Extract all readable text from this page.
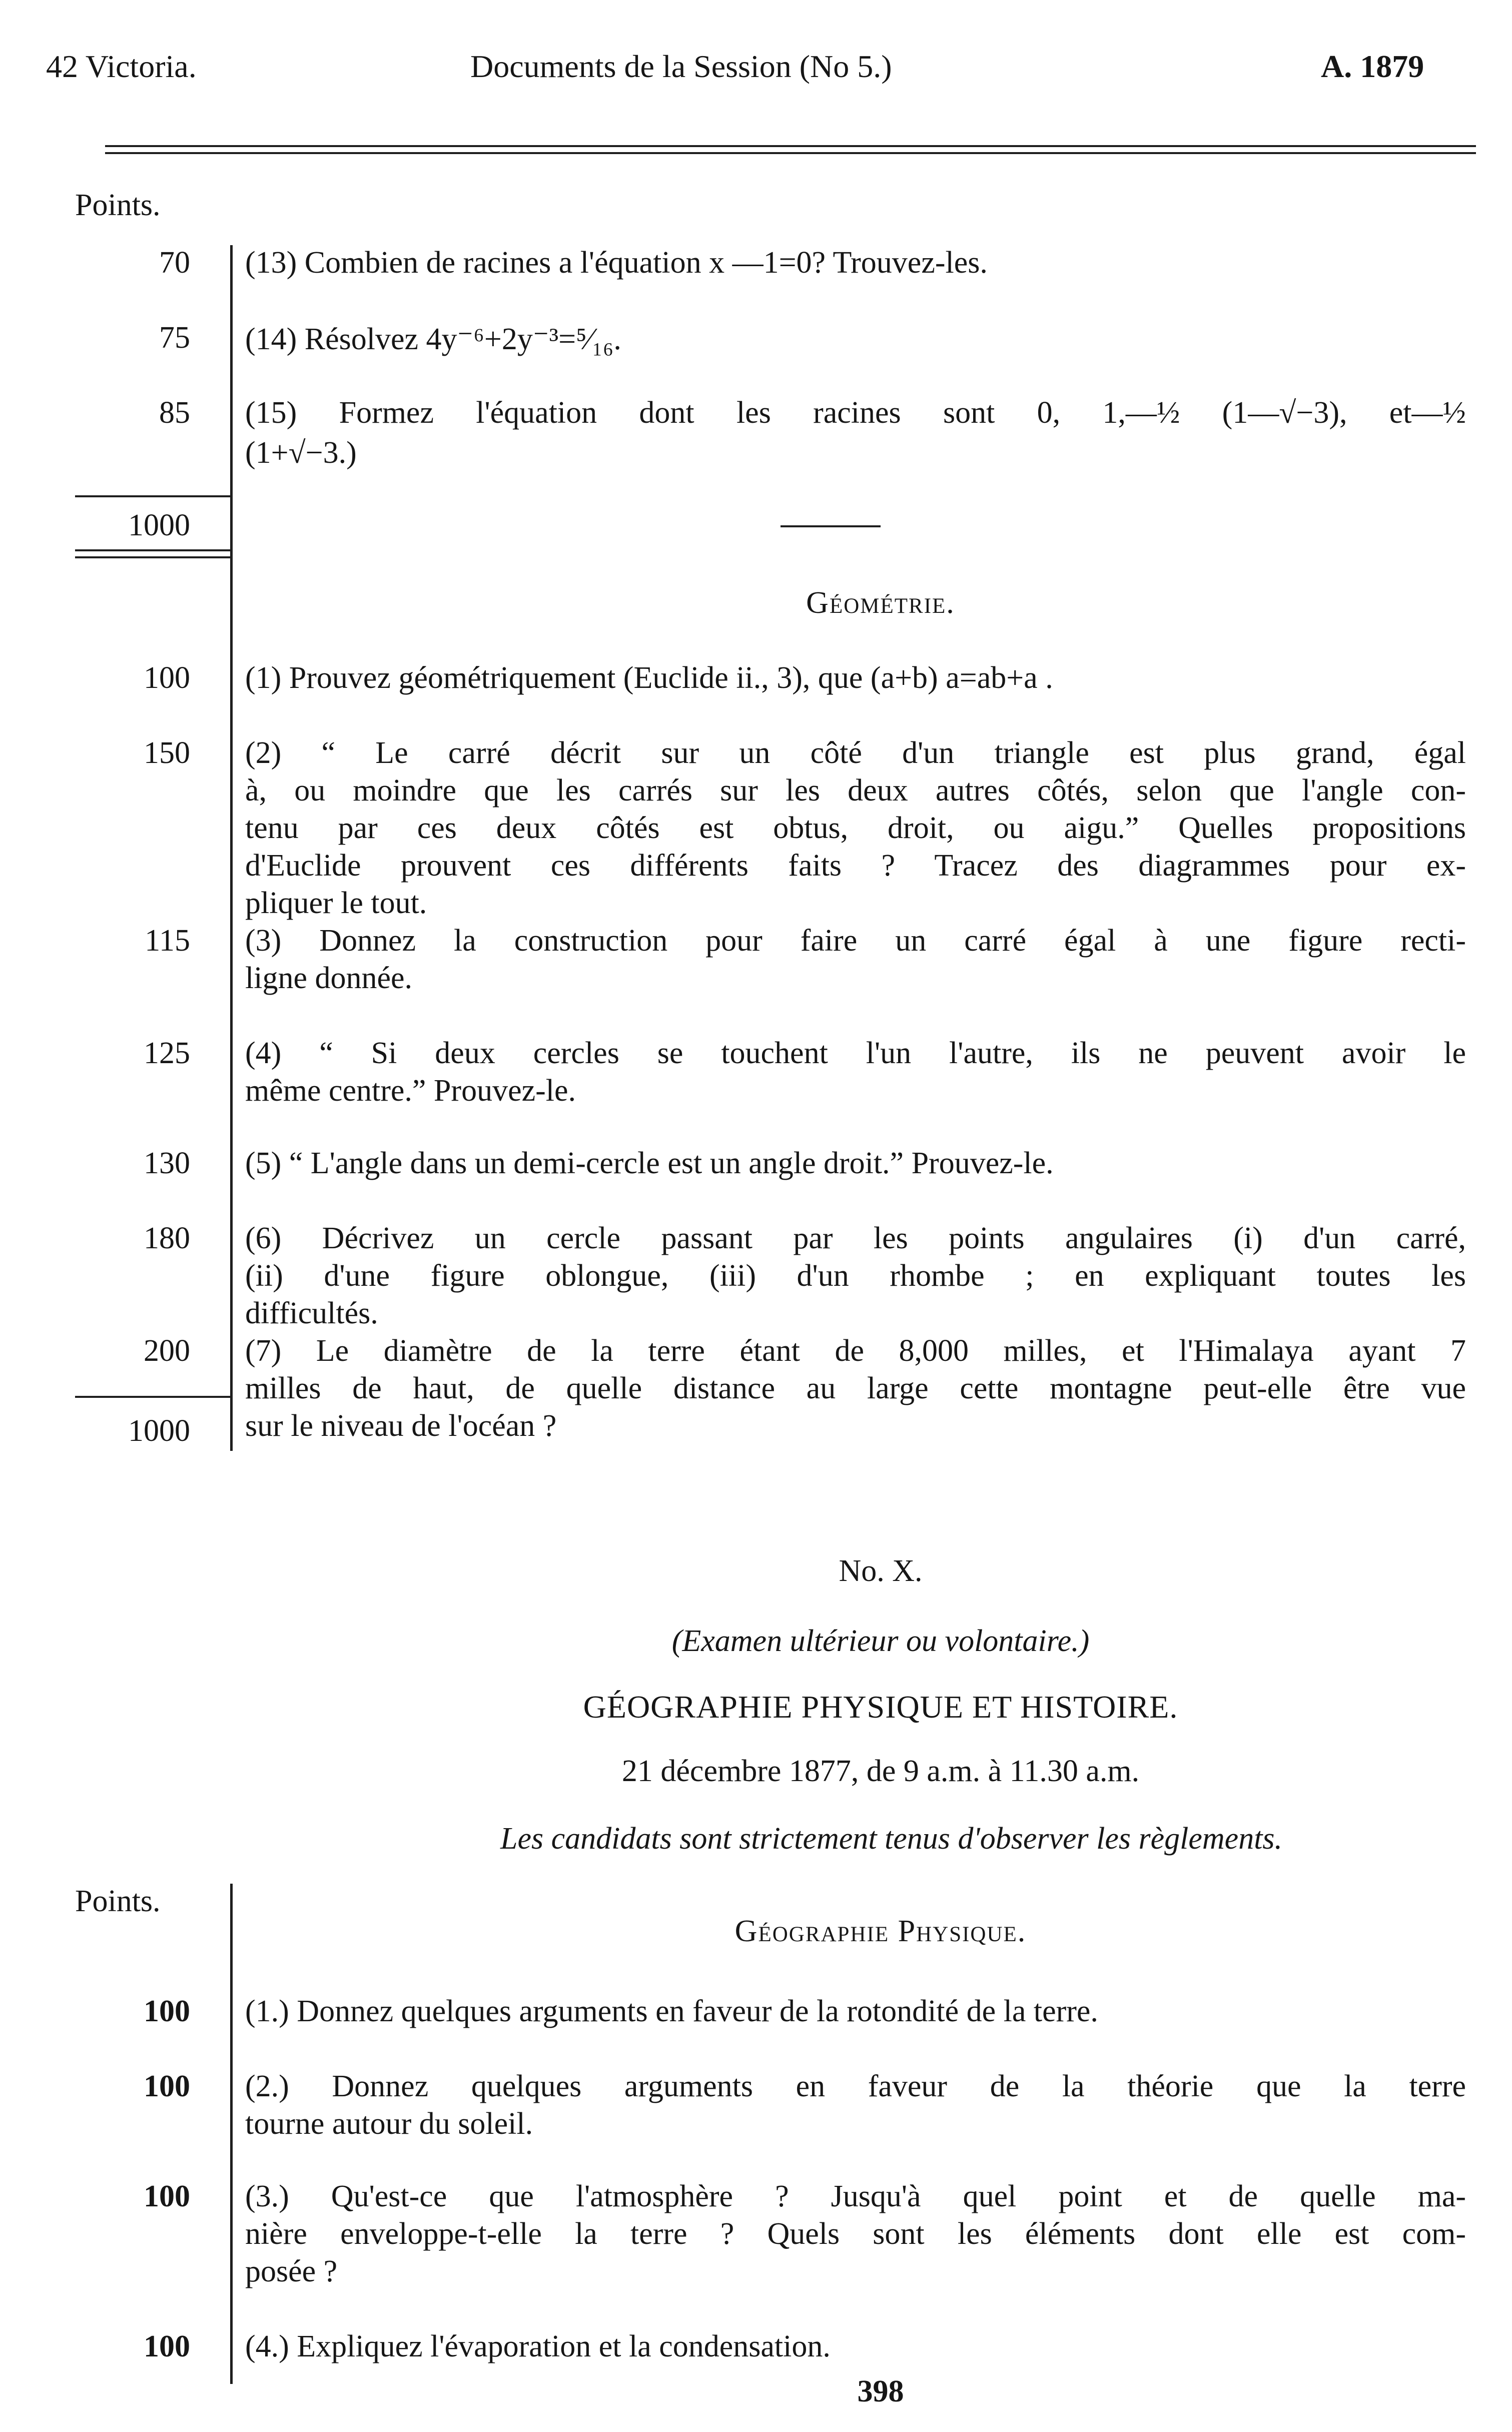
42 Victoria.	Documents de la Session (No 5.)	A. 1879
Points.
70 (13) Combien de racines a l'équation x —1=0? Trouvez-les.
75 (14) Résolvez 4y⁻⁶+2y⁻³=⁵⁄₁₆.
85 (15) Formez l'équation dont les racines sont 0, 1,—½ (1—√−3), et—½
(1+√−3.)
1000
Géométrie.
100 (1) Prouvez géométriquement (Euclide ii., 3), que (a+b) a=ab+a .
150 (2) “ Le carré décrit sur un côté d'un triangle est plus grand, égal
à, ou moindre que les carrés sur les deux autres côtés, selon que l'angle con-
tenu par ces deux côtés est obtus, droit, ou aigu.” Quelles propositions
d'Euclide prouvent ces différents faits ? Tracez des diagrammes pour ex-
pliquer le tout.
115 (3) Donnez la construction pour faire un carré égal à une figure recti-
ligne donnée.
125 (4) “ Si deux cercles se touchent l'un l'autre, ils ne peuvent avoir le
même centre.” Prouvez-le.
130 (5) “ L'angle dans un demi-cercle est un angle droit.” Prouvez-le.
180 (6) Décrivez un cercle passant par les points angulaires (i) d'un carré,
(ii) d'une figure oblongue, (iii) d'un rhombe ; en expliquant toutes les
difficultés.
200 (7) Le diamètre de la terre étant de 8,000 milles, et l'Himalaya ayant 7
milles de haut, de quelle distance au large cette montagne peut-elle être vue
sur le niveau de l'océan ?
1000
No. X.
(Examen ultérieur ou volontaire.)
GÉOGRAPHIE PHYSIQUE ET HISTOIRE.
21 décembre 1877, de 9 a.m. à 11.30 a.m.
Les candidats sont strictement tenus d'observer les règlements.
Points.
Géographie Physique.
100 (1.) Donnez quelques arguments en faveur de la rotondité de la terre.
100 (2.) Donnez quelques arguments en faveur de la théorie que la terre
tourne autour du soleil.
100 (3.) Qu'est-ce que l'atmosphère ? Jusqu'à quel point et de quelle ma-
nière enveloppe-t-elle la terre ? Quels sont les éléments dont elle est com-
posée ?
100 (4.) Expliquez l'évaporation et la condensation.
398
